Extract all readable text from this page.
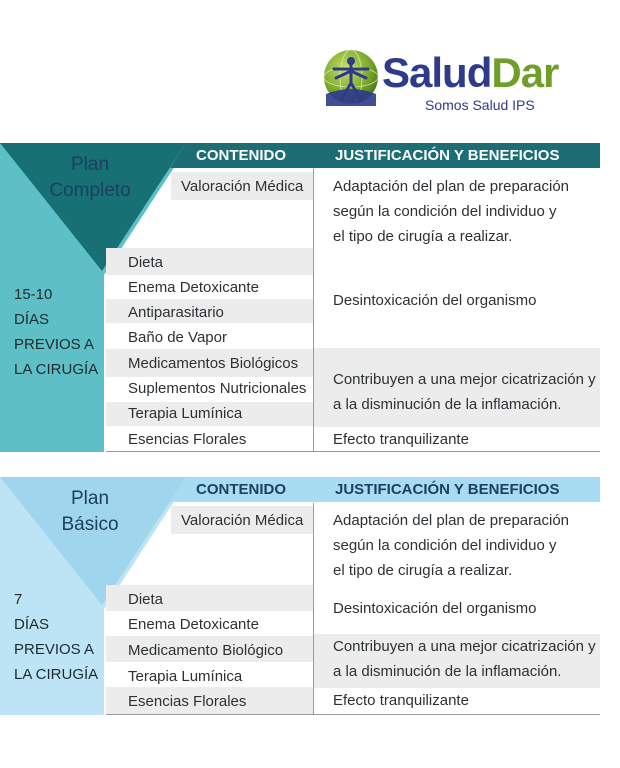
SaludDar
Somos Salud IPS
Plan
Completo
15-10
DÍAS
PREVIOS A
LA CIRUGÍA
CONTENIDO	JUSTIFICACIÓN Y BENEFICIOS
Valoración Médica
Dieta
Enema Detoxicante
Antiparasitario
Baño de Vapor
Medicamentos Biológicos
Suplementos Nutricionales
Terapia Lumínica
Esencias Florales
Adaptación del plan de preparación
según la condición del individuo y
el tipo de cirugía a realizar.
Desintoxicación del organismo
Contribuyen a una mejor cicatrización y
a la disminución de la inflamación.
Efecto tranquilizante
Plan
Básico
7
DÍAS
PREVIOS A
LA CIRUGÍA
CONTENIDO	JUSTIFICACIÓN Y BENEFICIOS
Valoración Médica
Dieta
Enema Detoxicante
Medicamento Biológico
Terapia Lumínica
Esencias Florales
Adaptación del plan de preparación
según la condición del individuo y
el tipo de cirugía a realizar.
Desintoxicación del organismo
Contribuyen a una mejor cicatrización y
a la disminución de la inflamación.
Efecto tranquilizante
